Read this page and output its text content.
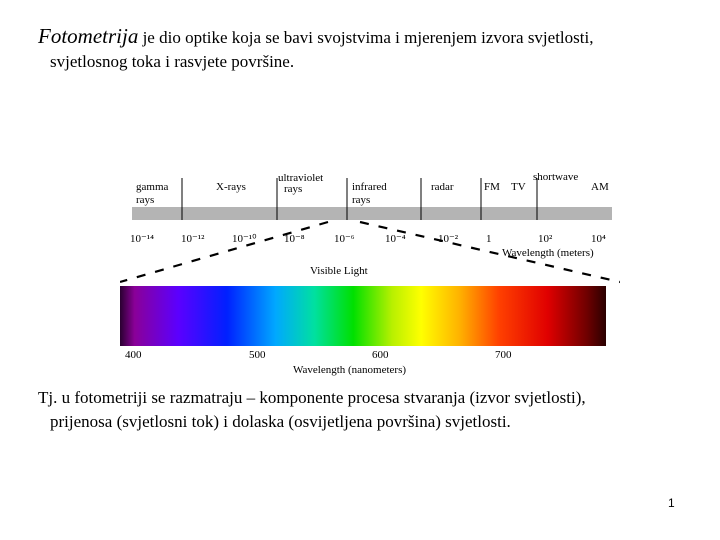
Fotometrija je dio optike koja se bavi svojstvima i mjerenjem izvora svjetlosti,
svjetlosnog toka i rasvjete površine.
gamma
rays
X-rays
ultraviolet
rays	infrared
rays
radar	FM TV
shortwave
AM
10⁻¹⁴ 10⁻¹²	10⁻¹⁰ 10⁻⁸	10⁻⁶	10⁻⁴	10⁻²	1	10²	10⁴
Wavelength (meters)
Visible Light
400	500	600	700
Wavelength (nanometers)
Tj. u fotometriji se razmatraju – komponente procesa stvaranja (izvor svjetlosti),
prijenosa (svjetlosni tok) i dolaska (osvijetljena površina) svjetlosti.
1
